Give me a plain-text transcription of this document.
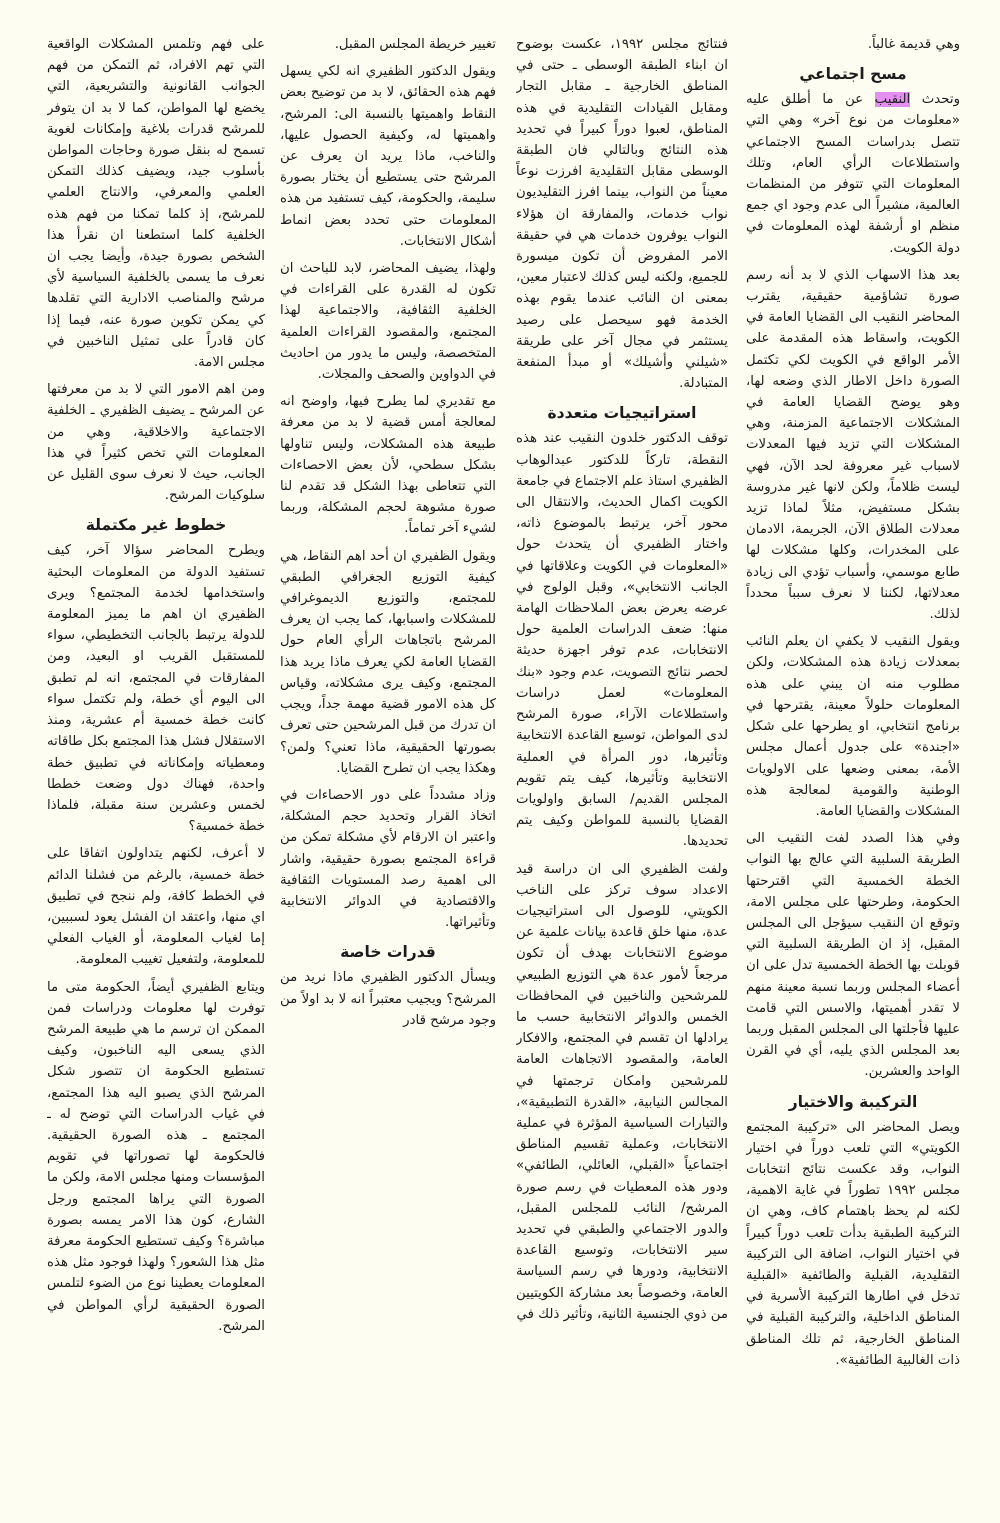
وهي قديمة غالباً.

مسح اجتماعي

وتحدث النقيب عن ما أطلق عليه «معلومات من نوع آخر» وهي التي تتصل بدراسات المسح الاجتماعي واستطلاعات الرأي العام، وتلك المعلومات التي تتوفر من المنظمات العالمية، مشيراً الى عدم وجود اي جمع منظم او أرشفة لهذه المعلومات في دولة الكويت.

بعد هذا الاسهاب الذي لا بد أنه رسم صورة تشاؤمية حقيقية، يقترب المحاضر النقيب الى القضايا العامة في الكويت، واسقاط هذه المقدمة على الأمر الواقع في الكويت لكي تكتمل الصورة داخل الاطار الذي وضعه لها، وهو يوضح القضايا العامة في المشكلات الاجتماعية المزمنة، وهي المشكلات التي تزيد فيها المعدلات لاسباب غير معروفة لحد الآن، فهي ليست ظلاماً، ولكن لانها غير مدروسة بشكل مستفيض، مثلاً لماذا تزيد معدلات الطلاق الآن، الجريمة، الادمان على المخدرات، وكلها مشكلات لها طابع موسمي، وأسباب تؤدي الى زيادة معدلاتها، لكننا لا نعرف سبباً محدداً لذلك.

ويقول النقيب لا يكفي ان يعلم النائب بمعدلات زيادة هذه المشكلات، ولكن مطلوب منه ان يبني على هذه المعلومات حلولاً معينة، يقترحها في برنامج انتخابي، او يطرحها على شكل «اجندة» على جدول أعمال مجلس الأمة، بمعنى وضعها على الاولويات الوطنية والقومية لمعالجة هذه المشكلات والقضايا العامة.

وفي هذا الصدد لفت النقيب الى الطريقة السلبية التي عالج بها النواب الخطة الخمسية التي اقترحتها الحكومة، وطرحتها على مجلس الامة، وتوقع ان النقيب سيؤجل الى المجلس المقبل، إذ ان الطريقة السلبية التي قوبلت بها الخطة الخمسية تدل على ان أعضاء المجلس وربما نسبة معينة منهم لا تقدر أهميتها، والاسس التي قامت عليها فأجلتها الى المجلس المقبل وربما بعد المجلس الذي يليه، أي في القرن الواحد والعشرين.

التركيبة والاختيار

ويصل المحاضر الى «تركيبة المجتمع الكويتي» التي تلعب دوراً في اختيار النواب، وقد عكست نتائج انتخابات مجلس ١٩٩٢ تطوراً في غاية الاهمية، لكنه لم يحظ باهتمام كاف، وهي ان التركيبة الطبقية بدأت تلعب دوراً كبيراً في اختيار النواب، اضافة الى التركيبة التقليدية، القبلية والطائفية «القبلية تدخل في اطارها التركيبة الأسرية في المناطق الداخلية، والتركيبة القبلية في المناطق الخارجية، ثم تلك المناطق ذات الغالبية الطائفية».

فنتائج مجلس ١٩٩٢، عكست بوضوح ان ابناء الطبقة الوسطى ـ حتى في المناطق الخارجية ـ مقابل التجار ومقابل القيادات التقليدية في هذه المناطق، لعبوا دوراً كبيراً في تحديد هذه النتائج وبالتالي فان الطبقة الوسطى مقابل التقليدية افرزت نوعاً معيناً من النواب، بينما افرز التقليديون نواب خدمات، والمفارقة ان هؤلاء النواب يوفرون خدمات هي في حقيقة الامر المفروض أن تكون ميسورة للجميع، ولكنه ليس كذلك لاعتبار معين، بمعنى ان النائب عندما يقوم بهذه الخدمة فهو سيحصل على رصيد يستثمر في مجال آخر على طريقة «شيلني وأشيلك» أو مبدأ المنفعة المتبادلة.

استراتيجيات متعددة

توقف الدكتور خلدون النقيب عند هذه النقطة، تاركاً للدكتور عبدالوهاب الظفيري استاذ علم الاجتماع في جامعة الكويت اكمال الحديث، والانتقال الى محور آخر، يرتبط بالموضوع ذاته، واختار الظفيري أن يتحدث حول «المعلومات في الكويت وعلاقاتها في الجانب الانتخابي»، وقبل الولوج في عرضه يعرض بعض الملاحظات الهامة منها: ضعف الدراسات العلمية حول الانتخابات، عدم توفر اجهزة حديثة لحصر نتائج التصويت، عدم وجود «بنك المعلومات» لعمل دراسات واستطلاعات الآراء، صورة المرشح لدى المواطن، توسيع القاعدة الانتخابية وتأثيرها، دور المرأة في العملية الانتخابية وتأثيرها، كيف يتم تقويم المجلس القديم/ السابق واولويات القضايا بالنسبة للمواطن وكيف يتم تحديدها.

ولفت الظفيري الى ان دراسة قيد الاعداد سوف تركز على الناخب الكويتي، للوصول الى استراتيجيات عدة، منها خلق قاعدة بيانات علمية عن موضوع الانتخابات بهدف أن تكون مرجعاً لأمور عدة هي التوزيع الطبيعي للمرشحين والناخبين في المحافظات الخمس والدوائر الانتخابية حسب ما يرادلها ان تقسم في المجتمع، والافكار العامة، والمقصود الاتجاهات العامة للمرشحين وامكان ترجمتها في المجالس النيابية، «القدرة التطبيقية»، والتيارات السياسية المؤثرة في عملية الانتخابات، وعملية تقسيم المناطق اجتماعياً «القبلي، العائلي، الطائفي» ودور هذه المعطيات في رسم صورة المرشح/ النائب للمجلس المقبل، والدور الاجتماعي والطبقي في تحديد سير الانتخابات، وتوسيع القاعدة الانتخابية، ودورها في رسم السياسة العامة، وخصوصاً بعد مشاركة الكويتيين من ذوي الجنسية الثانية، وتأثير ذلك في

تغيير خريطة المجلس المقبل.

ويقول الدكتور الظفيري انه لكي يسهل فهم هذه الحقائق، لا بد من توضيح بعض النقاط واهميتها بالنسبة الى: المرشح، واهميتها له، وكيفية الحصول عليها، والناخب، ماذا يريد ان يعرف عن المرشح حتى يستطيع أن يختار بصورة سليمة، والحكومة، كيف تستفيد من هذه المعلومات حتى تحدد بعض انماط أشكال الانتخابات.

ولهذا، يضيف المحاضر، لابد للباحث ان تكون له القدرة على القراءات في الخلفية الثقافية، والاجتماعية لهذا المجتمع، والمقصود القراءات العلمية المتخصصة، وليس ما يدور من احاديث في الدواوين والصحف والمجلات.

مع تقديري لما يطرح فيها، واوضح انه لمعالجة أمس قضية لا بد من معرفة طبيعة هذه المشكلات، وليس تناولها بشكل سطحي، لأن بعض الاحصاءات التي تتعاطى بهذا الشكل قد تقدم لنا صورة مشوهة لحجم المشكلة، وربما لشيء آخر تماماً.

ويقول الظفيري ان أحد اهم النقاط، هي كيفية التوزيع الجغرافي الطبقي للمجتمع، والتوزيع الديموغرافي للمشكلات واسبابها، كما يجب ان يعرف المرشح باتجاهات الرأي العام حول القضايا العامة لكي يعرف ماذا يريد هذا المجتمع، وكيف يرى مشكلاته، وقياس كل هذه الامور قضية مهمة جداً، ويجب ان تدرك من قبل المرشحين حتى تعرف بصورتها الحقيقية، ماذا تعني؟ ولمن؟ وهكذا يجب ان تطرح القضايا.

وزاد مشدداً على دور الاحصاءات في اتخاذ القرار وتحديد حجم المشكلة، واعتبر ان الارقام لأي مشكلة تمكن من قراءة المجتمع بصورة حقيقية، واشار الى اهمية رصد المستويات الثقافية والاقتصادية في الدوائر الانتخابية وتأثيراتها.

قدرات خاصة

ويسأل الدكتور الظفيري ماذا نريد من المرشح؟ ويجيب معتبراً انه لا بد اولاً من وجود مرشح قادر

على فهم وتلمس المشكلات الواقعية التي تهم الافراد، ثم التمكن من فهم الجوانب القانونية والتشريعية، التي يخضع لها المواطن، كما لا بد ان يتوفر للمرشح قدرات بلاغية وإمكانات لغوية تسمح له بنقل صورة وحاجات المواطن بأسلوب جيد، ويضيف كذلك التمكن العلمي والمعرفي، والانتاج العلمي للمرشح، إذ كلما تمكنا من فهم هذه الخلفية كلما استطعنا ان نقرأ هذا الشخص بصورة جيدة، وأيضا يجب ان نعرف ما يسمى بالخلفية السياسية لأي مرشح والمناصب الادارية التي تقلدها كي يمكن تكوين صورة عنه، فيما إذا كان قادراً على تمثيل الناخبين في مجلس الامة.

ومن اهم الامور التي لا بد من معرفتها عن المرشح ـ يضيف الظفيري ـ الخلفية الاجتماعية والاخلاقية، وهي من المعلومات التي تخص كثيراً في هذا الجانب، حيث لا نعرف سوى القليل عن سلوكيات المرشح.

خطوط غير مكتملة

ويطرح المحاضر سؤالا آخر، كيف تستفيد الدولة من المعلومات البحثية واستخدامها لخدمة المجتمع؟ ويرى الظفيري ان اهم ما يميز المعلومة للدولة يرتبط بالجانب التخطيطي، سواء للمستقبل القريب او البعيد، ومن المفارقات في المجتمع، انه لم تطبق الى اليوم أي خطة، ولم تكتمل سواء كانت خطة خمسية أم عشرية، ومنذ الاستقلال فشل هذا المجتمع بكل طاقاته ومعطياته وإمكاناته في تطبيق خطة واحدة، فهناك دول وضعت خططا لخمس وعشرين سنة مقبلة، فلماذا خطة خمسية؟

لا أعرف، لكنهم يتداولون اتفاقا على خطة خمسية، بالرغم من فشلنا الدائم في الخطط كافة، ولم ننجح في تطبيق اي منها، واعتقد ان الفشل يعود لسببين، إما لغياب المعلومة، أو الغياب الفعلي للمعلومة، ولتفعيل تغييب المعلومة.

ويتابع الظفيري أيضاً، الحكومة متى ما توفرت لها معلومات ودراسات فمن الممكن ان ترسم ما هي طبيعة المرشح الذي يسعى اليه الناخبون، وكيف تستطيع الحكومة ان تتصور شكل المرشح الذي يصبو اليه هذا المجتمع، في غياب الدراسات التي توضح له ـ المجتمع ـ هذه الصورة الحقيقية. فالحكومة لها تصوراتها في تقويم المؤسسات ومنها مجلس الامة، ولكن ما الصورة التي يراها المجتمع ورجل الشارع، كون هذا الامر يمسه بصورة مباشرة؟ وكيف تستطيع الحكومة معرفة مثل هذا الشعور؟ ولهذا فوجود مثل هذه المعلومات يعطينا نوع من الضوء لتلمس الصورة الحقيقية لرأي المواطن في المرشح.
